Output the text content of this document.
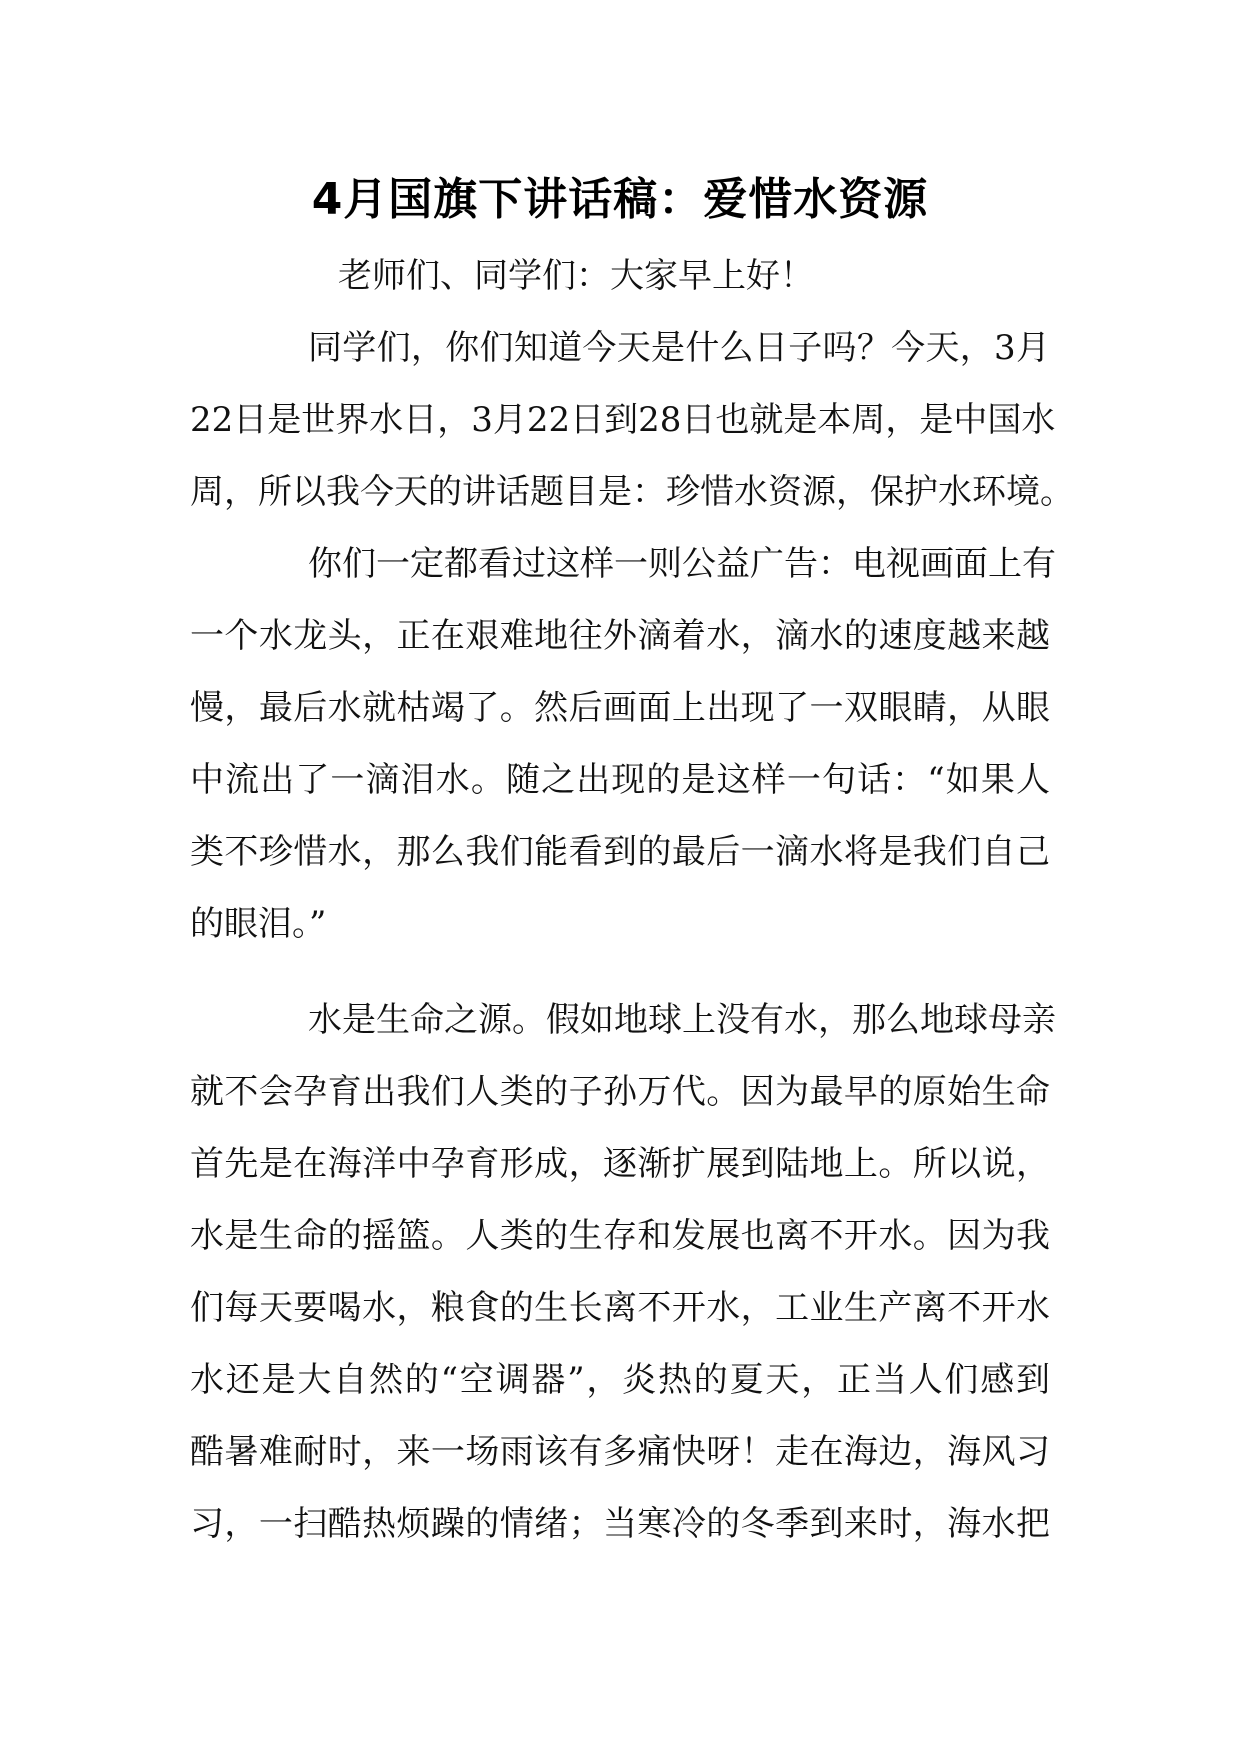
4月国旗下讲话稿：爱惜水资源
老师们、同学们：大家早上好！
同学们，你们知道今天是什么日子吗？今天，3月
22日是世界水日，3月22日到28日也就是本周，是中国水
周，所以我今天的讲话题目是：珍惜水资源，保护水环境。
你们一定都看过这样一则公益广告：电视画面上有
一个水龙头，正在艰难地往外滴着水，滴水的速度越来越
慢，最后水就枯竭了。然后画面上出现了一双眼睛，从眼
中流出了一滴泪水。随之出现的是这样一句话：“如果人
类不珍惜水，那么我们能看到的最后一滴水将是我们自己
的眼泪。”
水是生命之源。假如地球上没有水，那么地球母亲
就不会孕育出我们人类的子孙万代。因为最早的原始生命
首先是在海洋中孕育形成，逐渐扩展到陆地上。所以说，
水是生命的摇篮。人类的生存和发展也离不开水。因为我
们每天要喝水，粮食的生长离不开水，工业生产离不开水
水还是大自然的“空调器”，炎热的夏天，正当人们感到
酷暑难耐时，来一场雨该有多痛快呀！走在海边，海风习
习，一扫酷热烦躁的情绪；当寒冷的冬季到来时，海水把
